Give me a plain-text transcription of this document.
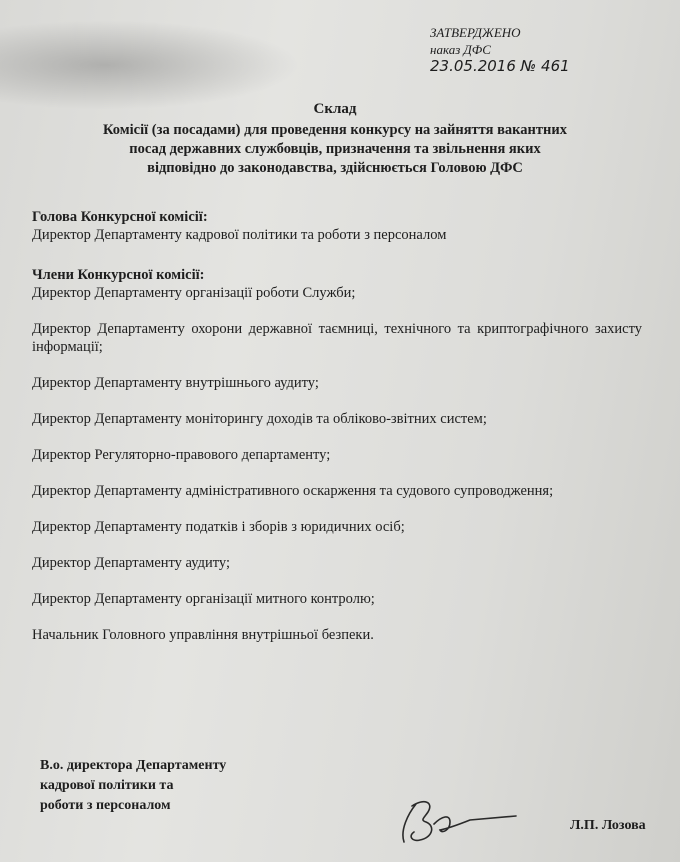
ЗАТВЕРДЖЕНО
наказ ДФС
23.05.2016 № 461
Склад
Комісії (за посадами) для проведення конкурсу на зайняття вакантних
посад державних службовців, призначення та звільнення яких
відповідно до законодавства, здійснюється Головою ДФС
Голова Конкурсної комісії:
Директор Департаменту кадрової політики та роботи з персоналом
Члени Конкурсної комісії:
Директор Департаменту організації роботи Служби;
Директор Департаменту охорони державної таємниці, технічного та криптографічного захисту інформації;
Директор Департаменту внутрішнього аудиту;
Директор Департаменту моніторингу доходів та обліково-звітних систем;
Директор Регуляторно-правового департаменту;
Директор Департаменту адміністративного оскарження та судового супроводження;
Директор Департаменту податків і зборів з юридичних осіб;
Директор Департаменту аудиту;
Директор Департаменту організації митного контролю;
Начальник Головного управління внутрішньої безпеки.
В.о. директора Департаменту
кадрової політики та
роботи з персоналом
Л.П. Лозова
